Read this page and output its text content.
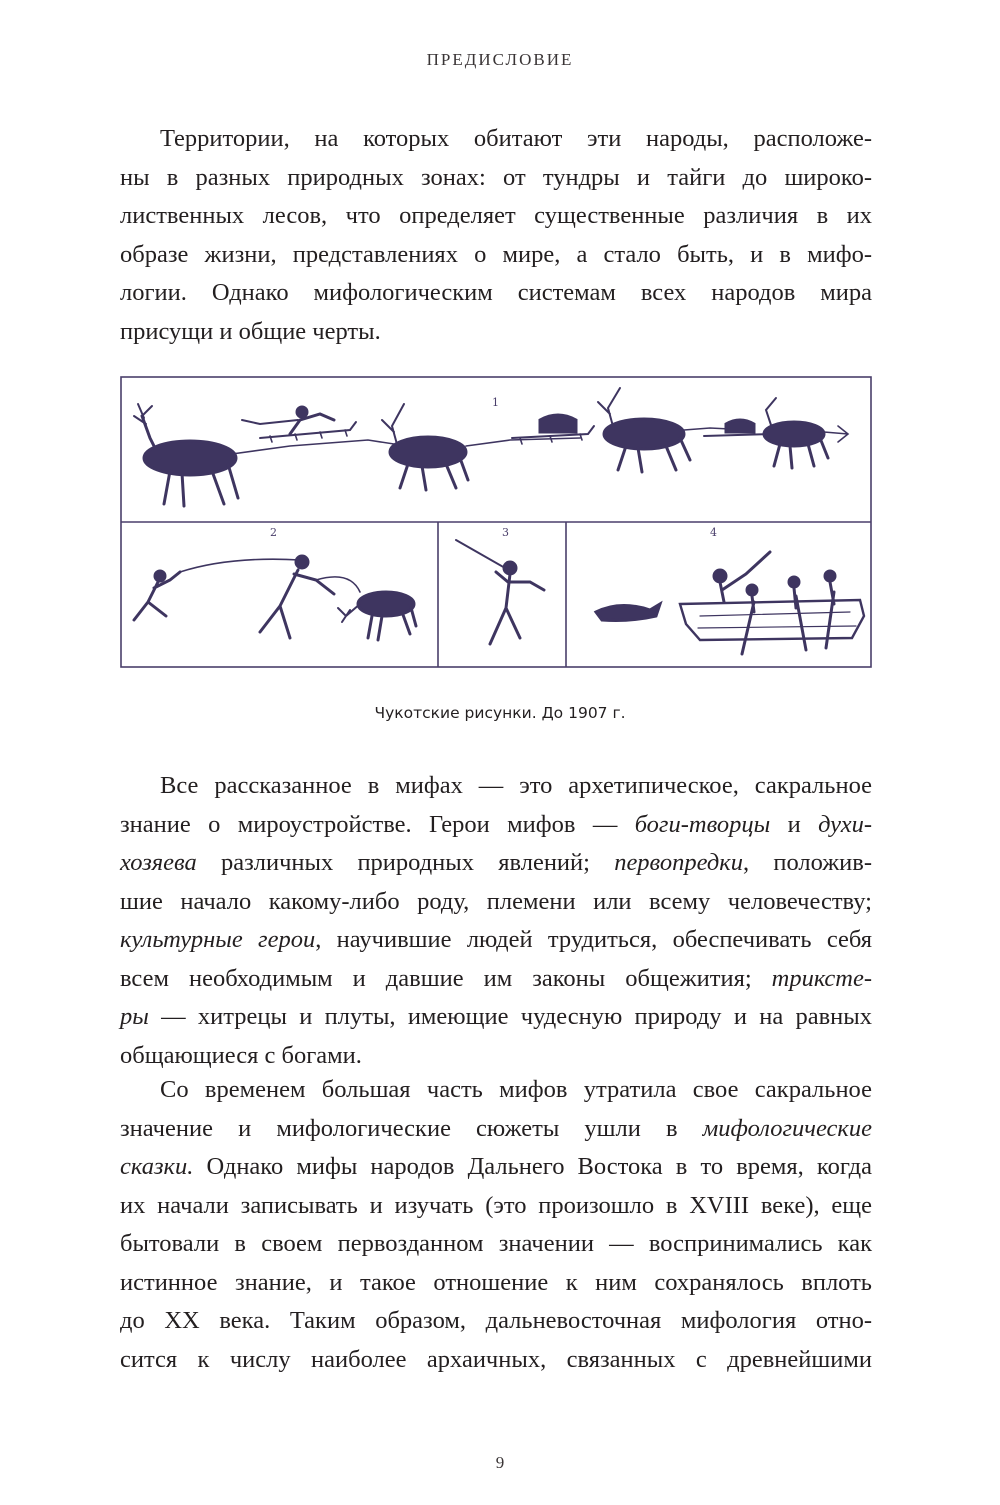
ПРЕДИСЛОВИЕ

Территории, на которых обитают эти народы, расположе-
ны в разных природных зонах: от тундры и тайги до широко-
лиственных лесов, что определяет существенные различия в их
образе жизни, представлениях о мире, а стало быть, и в мифо-
логии. Однако мифологическим системам всех народов мира
присущи и общие черты.

1
2	3	4
Чукотские рисунки. До 1907 г.

Все рассказанное в мифах — это архетипическое, сакральное
знание о мироустройстве. Герои мифов — боги-творцы и духи-
хозяева различных природных явлений; первопредки, положив-
шие начало какому-либо роду, племени или всему человечеству;
культурные герои, научившие людей трудиться, обеспечивать себя
всем необходимым и давшие им законы общежития; трикстe-
ры — хитрецы и плуты, имеющие чудесную природу и на равных
общающиеся с богами.

Со временем большая часть мифов утратила свое сакральное
значение и мифологические сюжеты ушли в мифологические
сказки. Однако мифы народов Дальнего Востока в то время, когда
их начали записывать и изучать (это произошло в XVIII веке), еще
бытовали в своем первозданном значении — воспринимались как
истинное знание, и такое отношение к ним сохранялось вплоть
до XX века. Таким образом, дальневосточная мифология отно-
сится к числу наиболее архаичных, связанных с древнейшими

9
